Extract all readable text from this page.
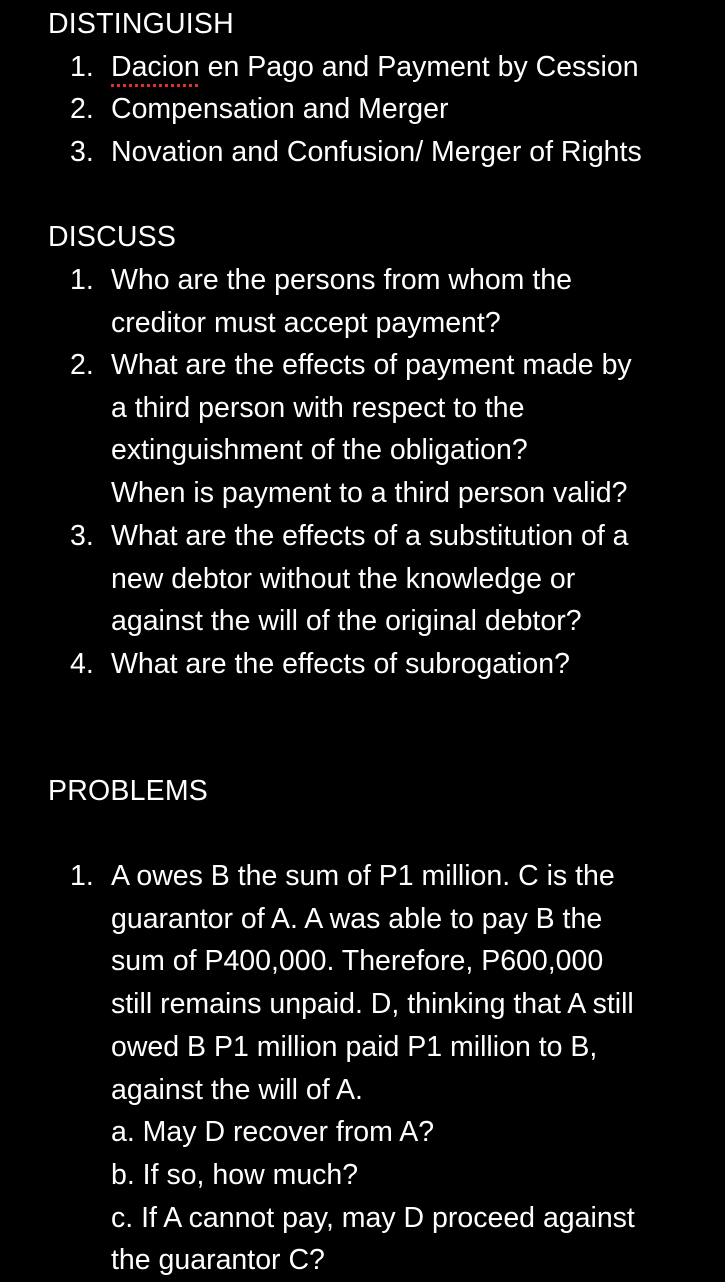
DISTINGUISH
1. Dacion en Pago and Payment by Cession
2. Compensation and Merger
3. Novation and Confusion/ Merger of Rights
DISCUSS
1. Who are the persons from whom the
creditor must accept payment?
2. What are the effects of payment made by
a third person with respect to the
extinguishment of the obligation?
When is payment to a third person valid?
3. What are the effects of a substitution of a
new debtor without the knowledge or
against the will of the original debtor?
4. What are the effects of subrogation?
PROBLEMS
1. A owes B the sum of P1 million. C is the
guarantor of A. A was able to pay B the
sum of P400,000. Therefore, P600,000
still remains unpaid. D, thinking that A still
owed B P1 million paid P1 million to B,
against the will of A.
a. May D recover from A?
b. If so, how much?
c. If A cannot pay, may D proceed against
the guarantor C?
